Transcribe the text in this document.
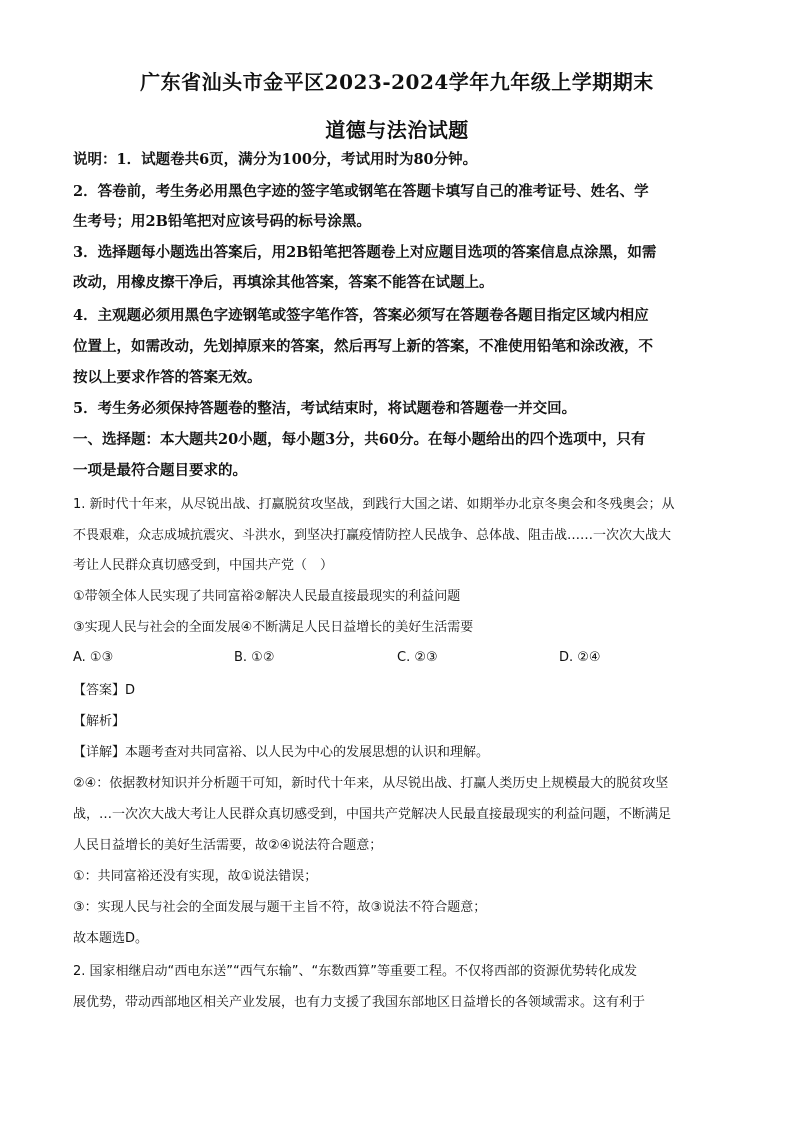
广东省汕头市金平区2023-2024学年九年级上学期期末
道德与法治试题
说明：1．试题卷共6页，满分为100分，考试用时为80分钟。
2．答卷前，考生务必用黑色字迹的签字笔或钢笔在答题卡填写自己的准考证号、姓名、学
生考号；用2B铅笔把对应该号码的标号涂黑。
3．选择题每小题选出答案后，用2B铅笔把答题卷上对应题目选项的答案信息点涂黑，如需
改动，用橡皮擦干净后，再填涂其他答案，答案不能答在试题上。
4．主观题必须用黑色字迹钢笔或签字笔作答，答案必须写在答题卷各题目指定区域内相应
位置上，如需改动，先划掉原来的答案，然后再写上新的答案，不准使用铅笔和涂改液，不
按以上要求作答的答案无效。
5．考生务必须保持答题卷的整洁，考试结束时，将试题卷和答题卷一并交回。
一、选择题：本大题共20小题，每小题3分，共60分。在每小题给出的四个选项中，只有
一项是最符合题目要求的。
1. 新时代十年来，从尽锐出战、打赢脱贫攻坚战，到践行大国之诺、如期举办北京冬奥会和冬残奥会；从
不畏艰难，众志成城抗震灾、斗洪水，到坚决打赢疫情防控人民战争、总体战、阻击战……一次次大战大
考让人民群众真切感受到，中国共产党（　）
①带领全体人民实现了共同富裕②解决人民最直接最现实的利益问题
③实现人民与社会的全面发展④不断满足人民日益增长的美好生活需要
A. ①③	B. ①②	C. ②③	D. ②④
【答案】D
【解析】
【详解】本题考查对共同富裕、以人民为中心的发展思想的认识和理解。
②④：依据教材知识并分析题干可知，新时代十年来，从尽锐出战、打赢人类历史上规模最大的脱贫攻坚
战，…一次次大战大考让人民群众真切感受到，中国共产党解决人民最直接最现实的利益问题，不断满足
人民日益增长的美好生活需要，故②④说法符合题意；
①：共同富裕还没有实现，故①说法错误；
③：实现人民与社会的全面发展与题干主旨不符，故③说法不符合题意；
故本题选D。
2. 国家相继启动“西电东送”“西气东输”、“东数西算”等重要工程。不仅将西部的资源优势转化成发
展优势，带动西部地区相关产业发展，也有力支援了我国东部地区日益增长的各领域需求。这有利于
